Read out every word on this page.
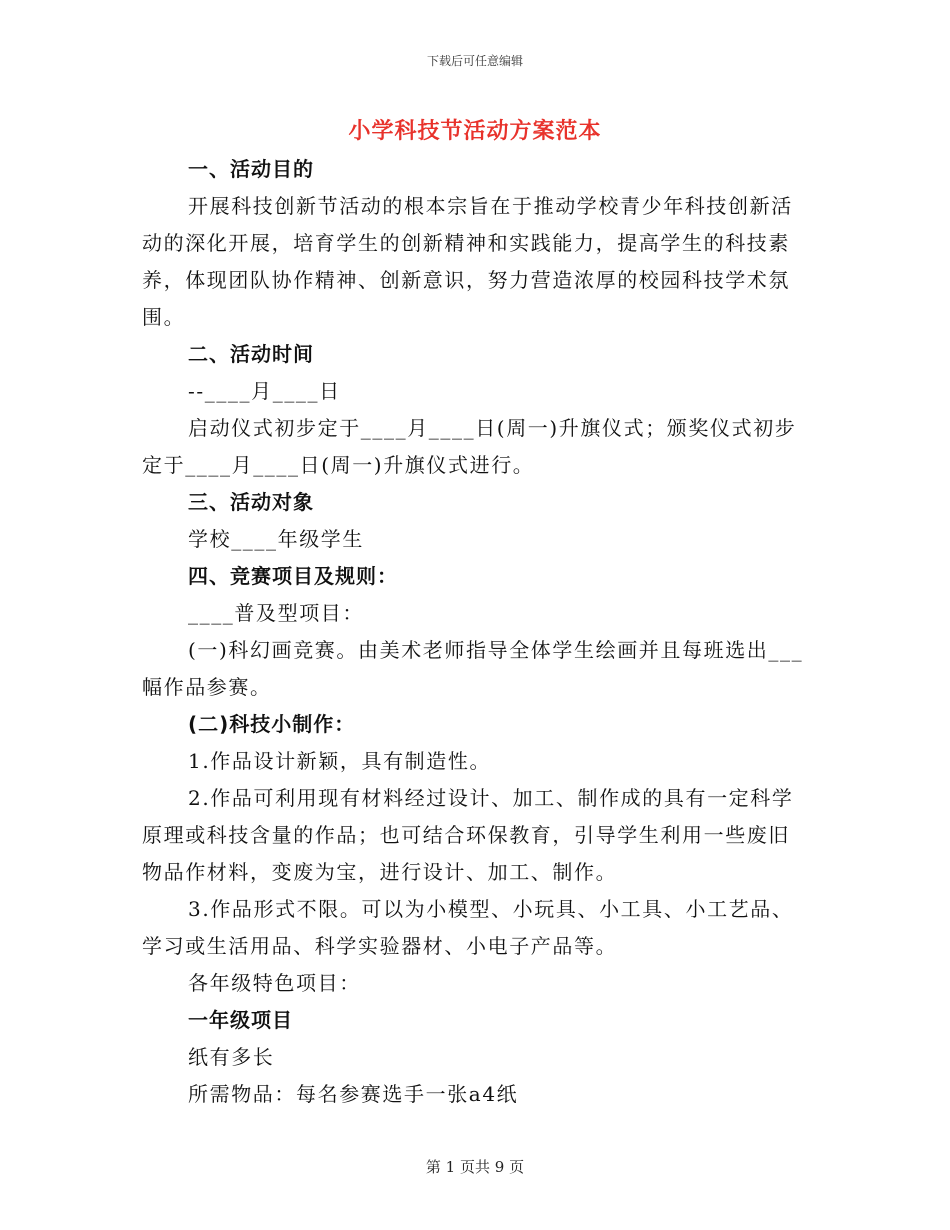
下载后可任意编辑
小学科技节活动方案范本
一、活动目的
开展科技创新节活动的根本宗旨在于推动学校青少年科技创新活
动的深化开展，培育学生的创新精神和实践能力，提高学生的科技素
养，体现团队协作精神、创新意识，努力营造浓厚的校园科技学术氛
围。
二、活动时间
--____月____日
启动仪式初步定于____月____日(周一)升旗仪式；颁奖仪式初步
定于____月____日(周一)升旗仪式进行。
三、活动对象
学校____年级学生
四、竞赛项目及规则：
____普及型项目：
(一)科幻画竞赛。由美术老师指导全体学生绘画并且每班选出___
幅作品参赛。
(二)科技小制作：
1.作品设计新颖，具有制造性。
2.作品可利用现有材料经过设计、加工、制作成的具有一定科学
原理或科技含量的作品；也可结合环保教育，引导学生利用一些废旧
物品作材料，变废为宝，进行设计、加工、制作。
3.作品形式不限。可以为小模型、小玩具、小工具、小工艺品、
学习或生活用品、科学实验器材、小电子产品等。
各年级特色项目：
一年级项目
纸有多长
所需物品：每名参赛选手一张a4纸
第 1 页共 9 页
